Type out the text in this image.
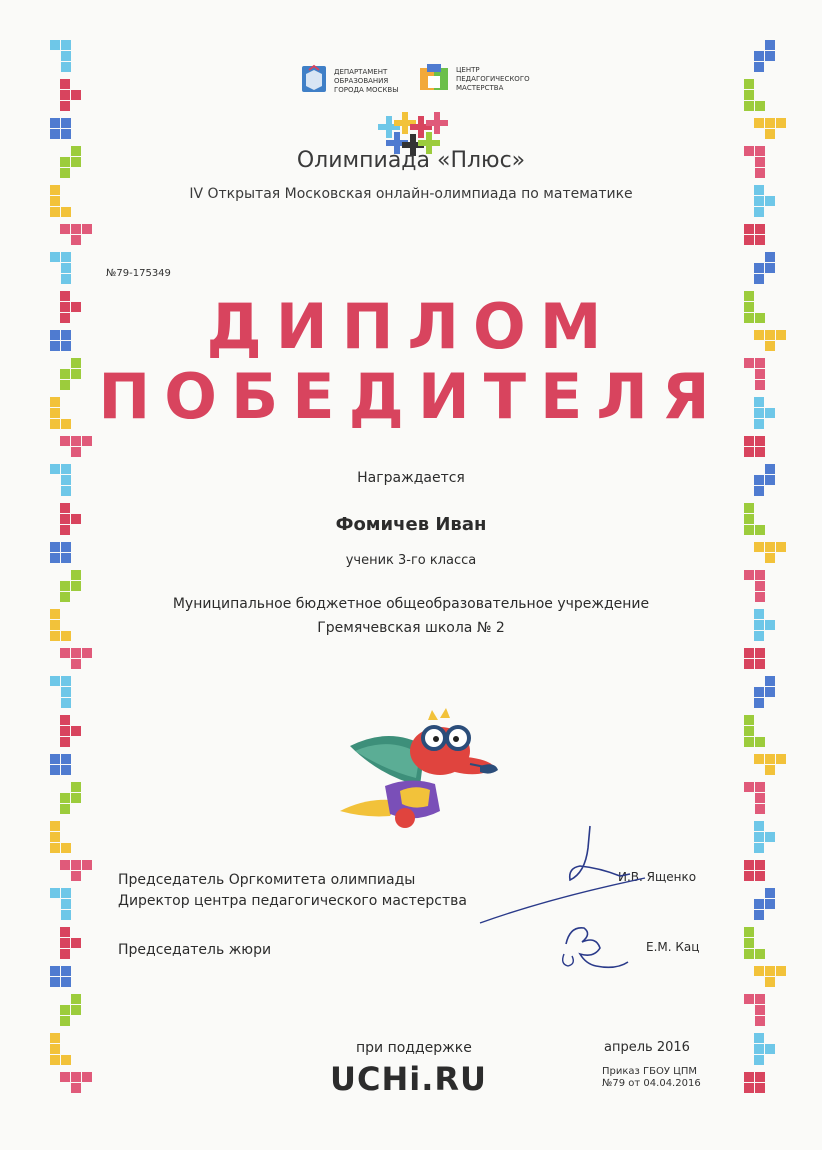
ДЕПАРТАМЕНТ ОБРАЗОВАНИЯ ГОРОДА МОСКВЫ
ЦЕНТР ПЕДАГОГИЧЕСКОГО МАСТЕРСТВА
Олимпиада «Плюс»
IV Открытая Московская онлайн-олимпиада по математике
№79-175349
ДИПЛОМ
ПОБЕДИТЕЛЯ
Награждается
Фомичев Иван
ученик 3-го класса
Муниципальное бюджетное общеобразовательное учреждение
Гремячевская школа № 2
Председатель Оргкомитета олимпиады
Директор центра педагогического мастерства
И.В. Ященко
Председатель жюри	Е.М. Кац
при поддержке
UCHi.RU
апрель 2016
Приказ ГБОУ ЦПМ
№79 от 04.04.2016
